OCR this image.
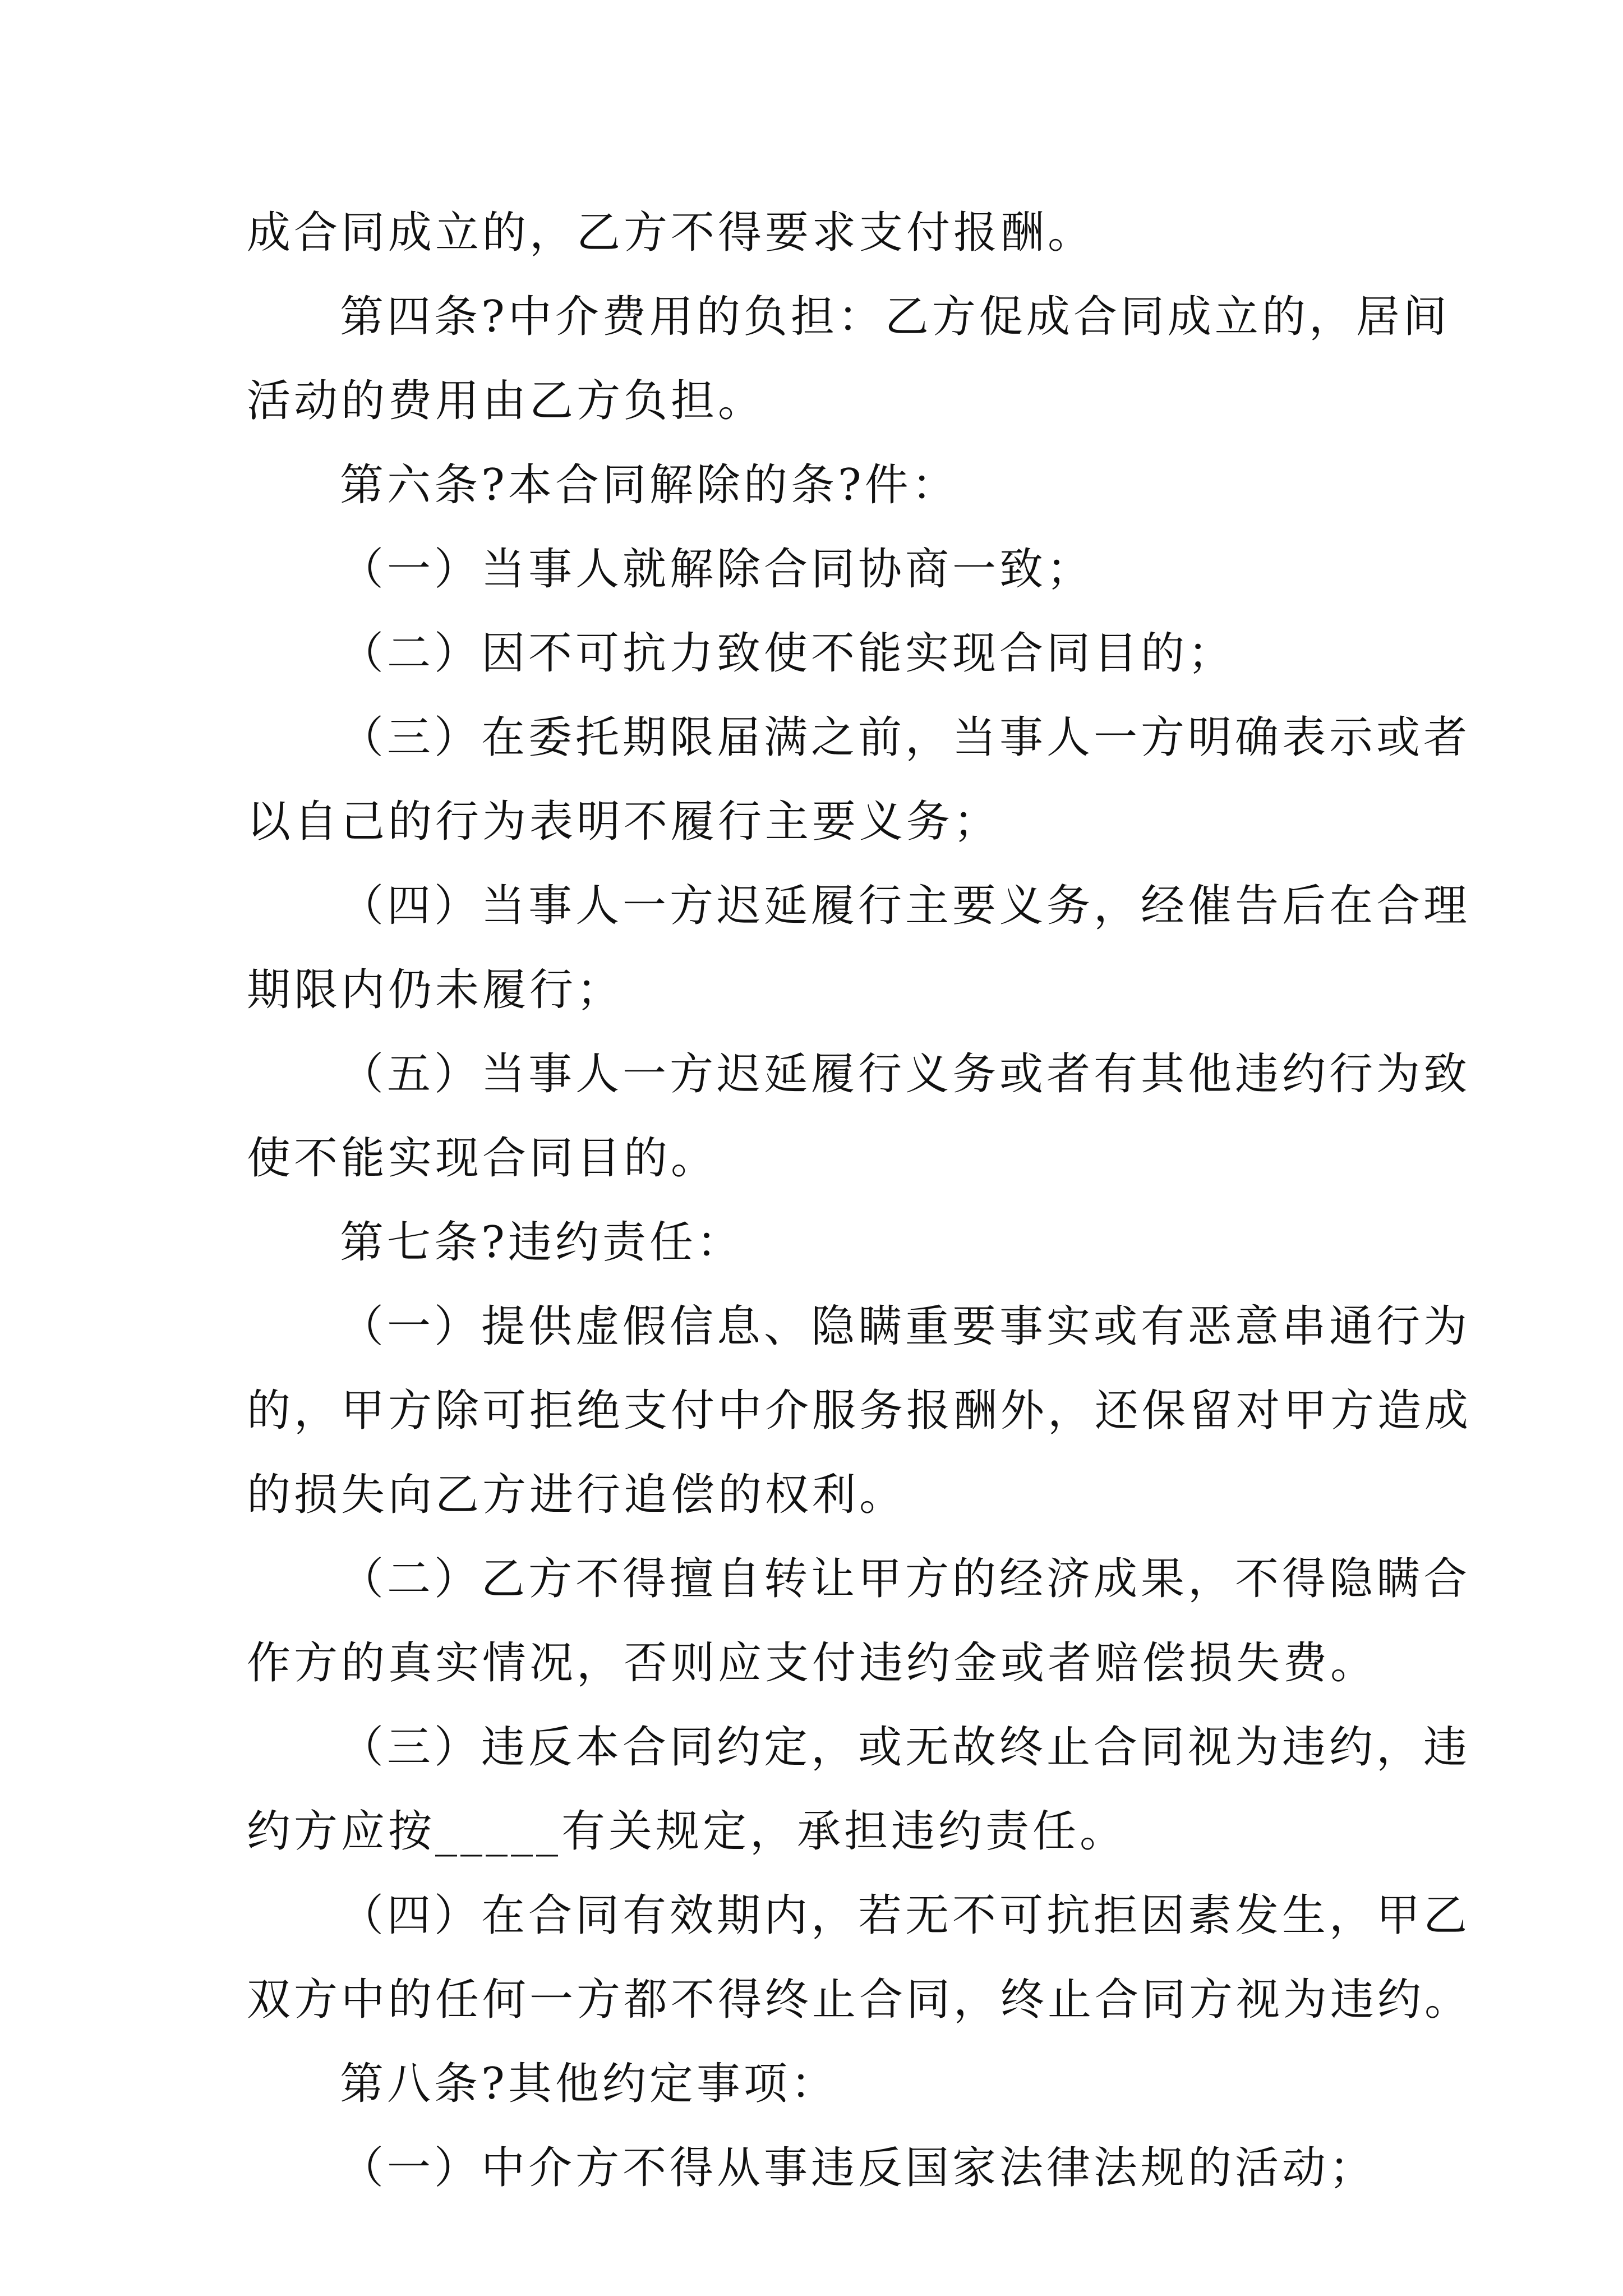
成合同成立的，乙方不得要求支付报酬。
第四条?中介费用的负担：乙方促成合同成立的，居间
活动的费用由乙方负担。
第六条?本合同解除的条?件：
（一）当事人就解除合同协商一致；
（二）因不可抗力致使不能实现合同目的；
（三）在委托期限届满之前，当事人一方明确表示或者
以自己的行为表明不履行主要义务；
（四）当事人一方迟延履行主要义务，经催告后在合理
期限内仍未履行；
（五）当事人一方迟延履行义务或者有其他违约行为致
使不能实现合同目的。
第七条?违约责任：
（一）提供虚假信息、隐瞒重要事实或有恶意串通行为
的，甲方除可拒绝支付中介服务报酬外，还保留对甲方造成
的损失向乙方进行追偿的权利。
（二）乙方不得擅自转让甲方的经济成果，不得隐瞒合
作方的真实情况，否则应支付违约金或者赔偿损失费。
（三）违反本合同约定，或无故终止合同视为违约，违
约方应按_____有关规定，承担违约责任。
（四）在合同有效期内，若无不可抗拒因素发生，甲乙
双方中的任何一方都不得终止合同，终止合同方视为违约。
第八条?其他约定事项：
（一）中介方不得从事违反国家法律法规的活动；
